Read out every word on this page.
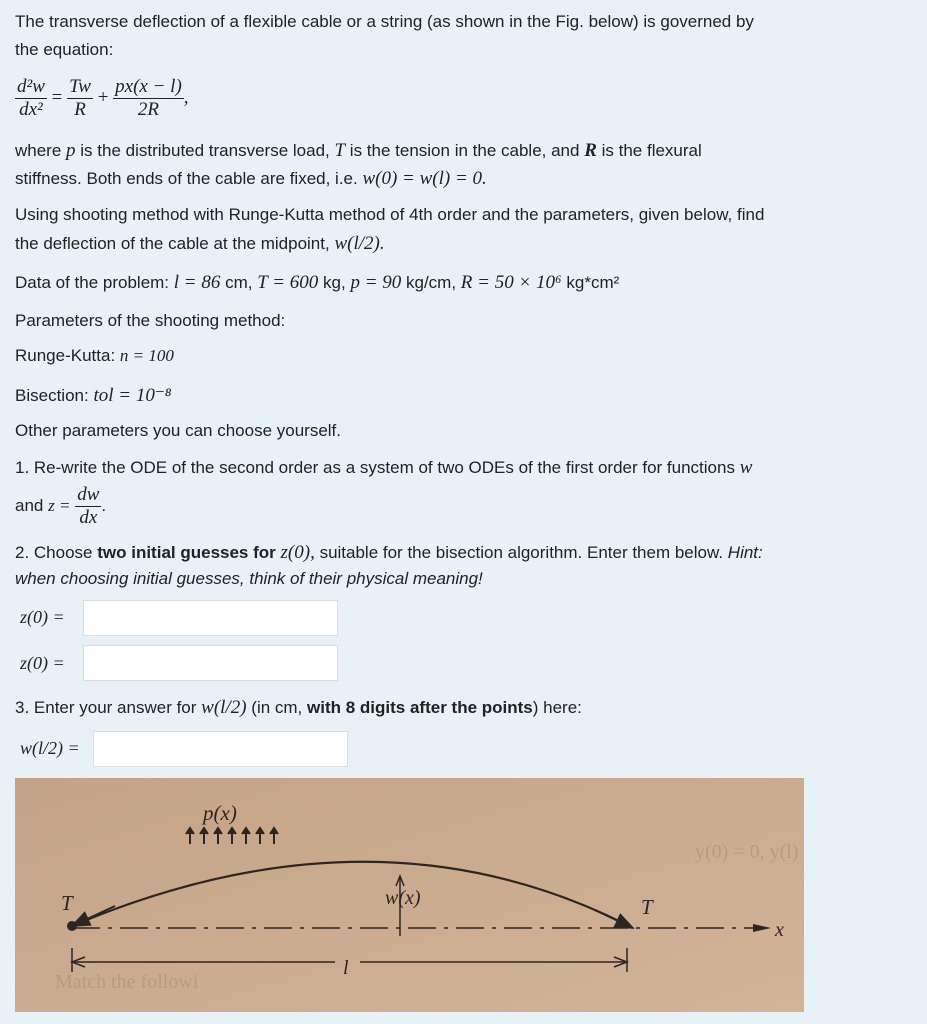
The transverse deflection of a flexible cable or a string (as shown in the Fig. below) is governed by
the equation:
$\frac{\text{d²w}}{\text{dx²}} = \frac{Tw}{R} + \frac{px(x - l)}{2R}$ ,
where p is the distributed transverse load, T is the tension in the cable, and R is the flexural
stiffness. Both ends of the cable are fixed, i.e. w(0) = w(l) = 0.
Using shooting method with Runge-Kutta method of 4th order and the parameters, given below, find
the deflection of the cable at the midpoint, w(l/2).
Data of the problem: l = 86 cm, T = 600 kg, p = 90 kg/cm, R = 50 × 10⁶ kg*cm²
Parameters of the shooting method:
Runge-Kutta: n = 100
Bisection: tol = 10⁻⁸
Other parameters you can choose yourself.
1. Re-write the ODE of the second order as a system of two ODEs of the first order for functions w
and $z = \frac{dw}{dx}$ .
2. Choose two initial guesses for z(0), suitable for the bisection algorithm. Enter them below. Hint:
when choosing initial guesses, think of their physical meaning!
z(0) =
z(0) =
3. Enter your answer for w(l/2) (in cm, with 8 digits after the points) here:
w(l/2) =
y(0) = 0, y(l)
Match the followi
p(x)
T	T
x
w(x)
l
